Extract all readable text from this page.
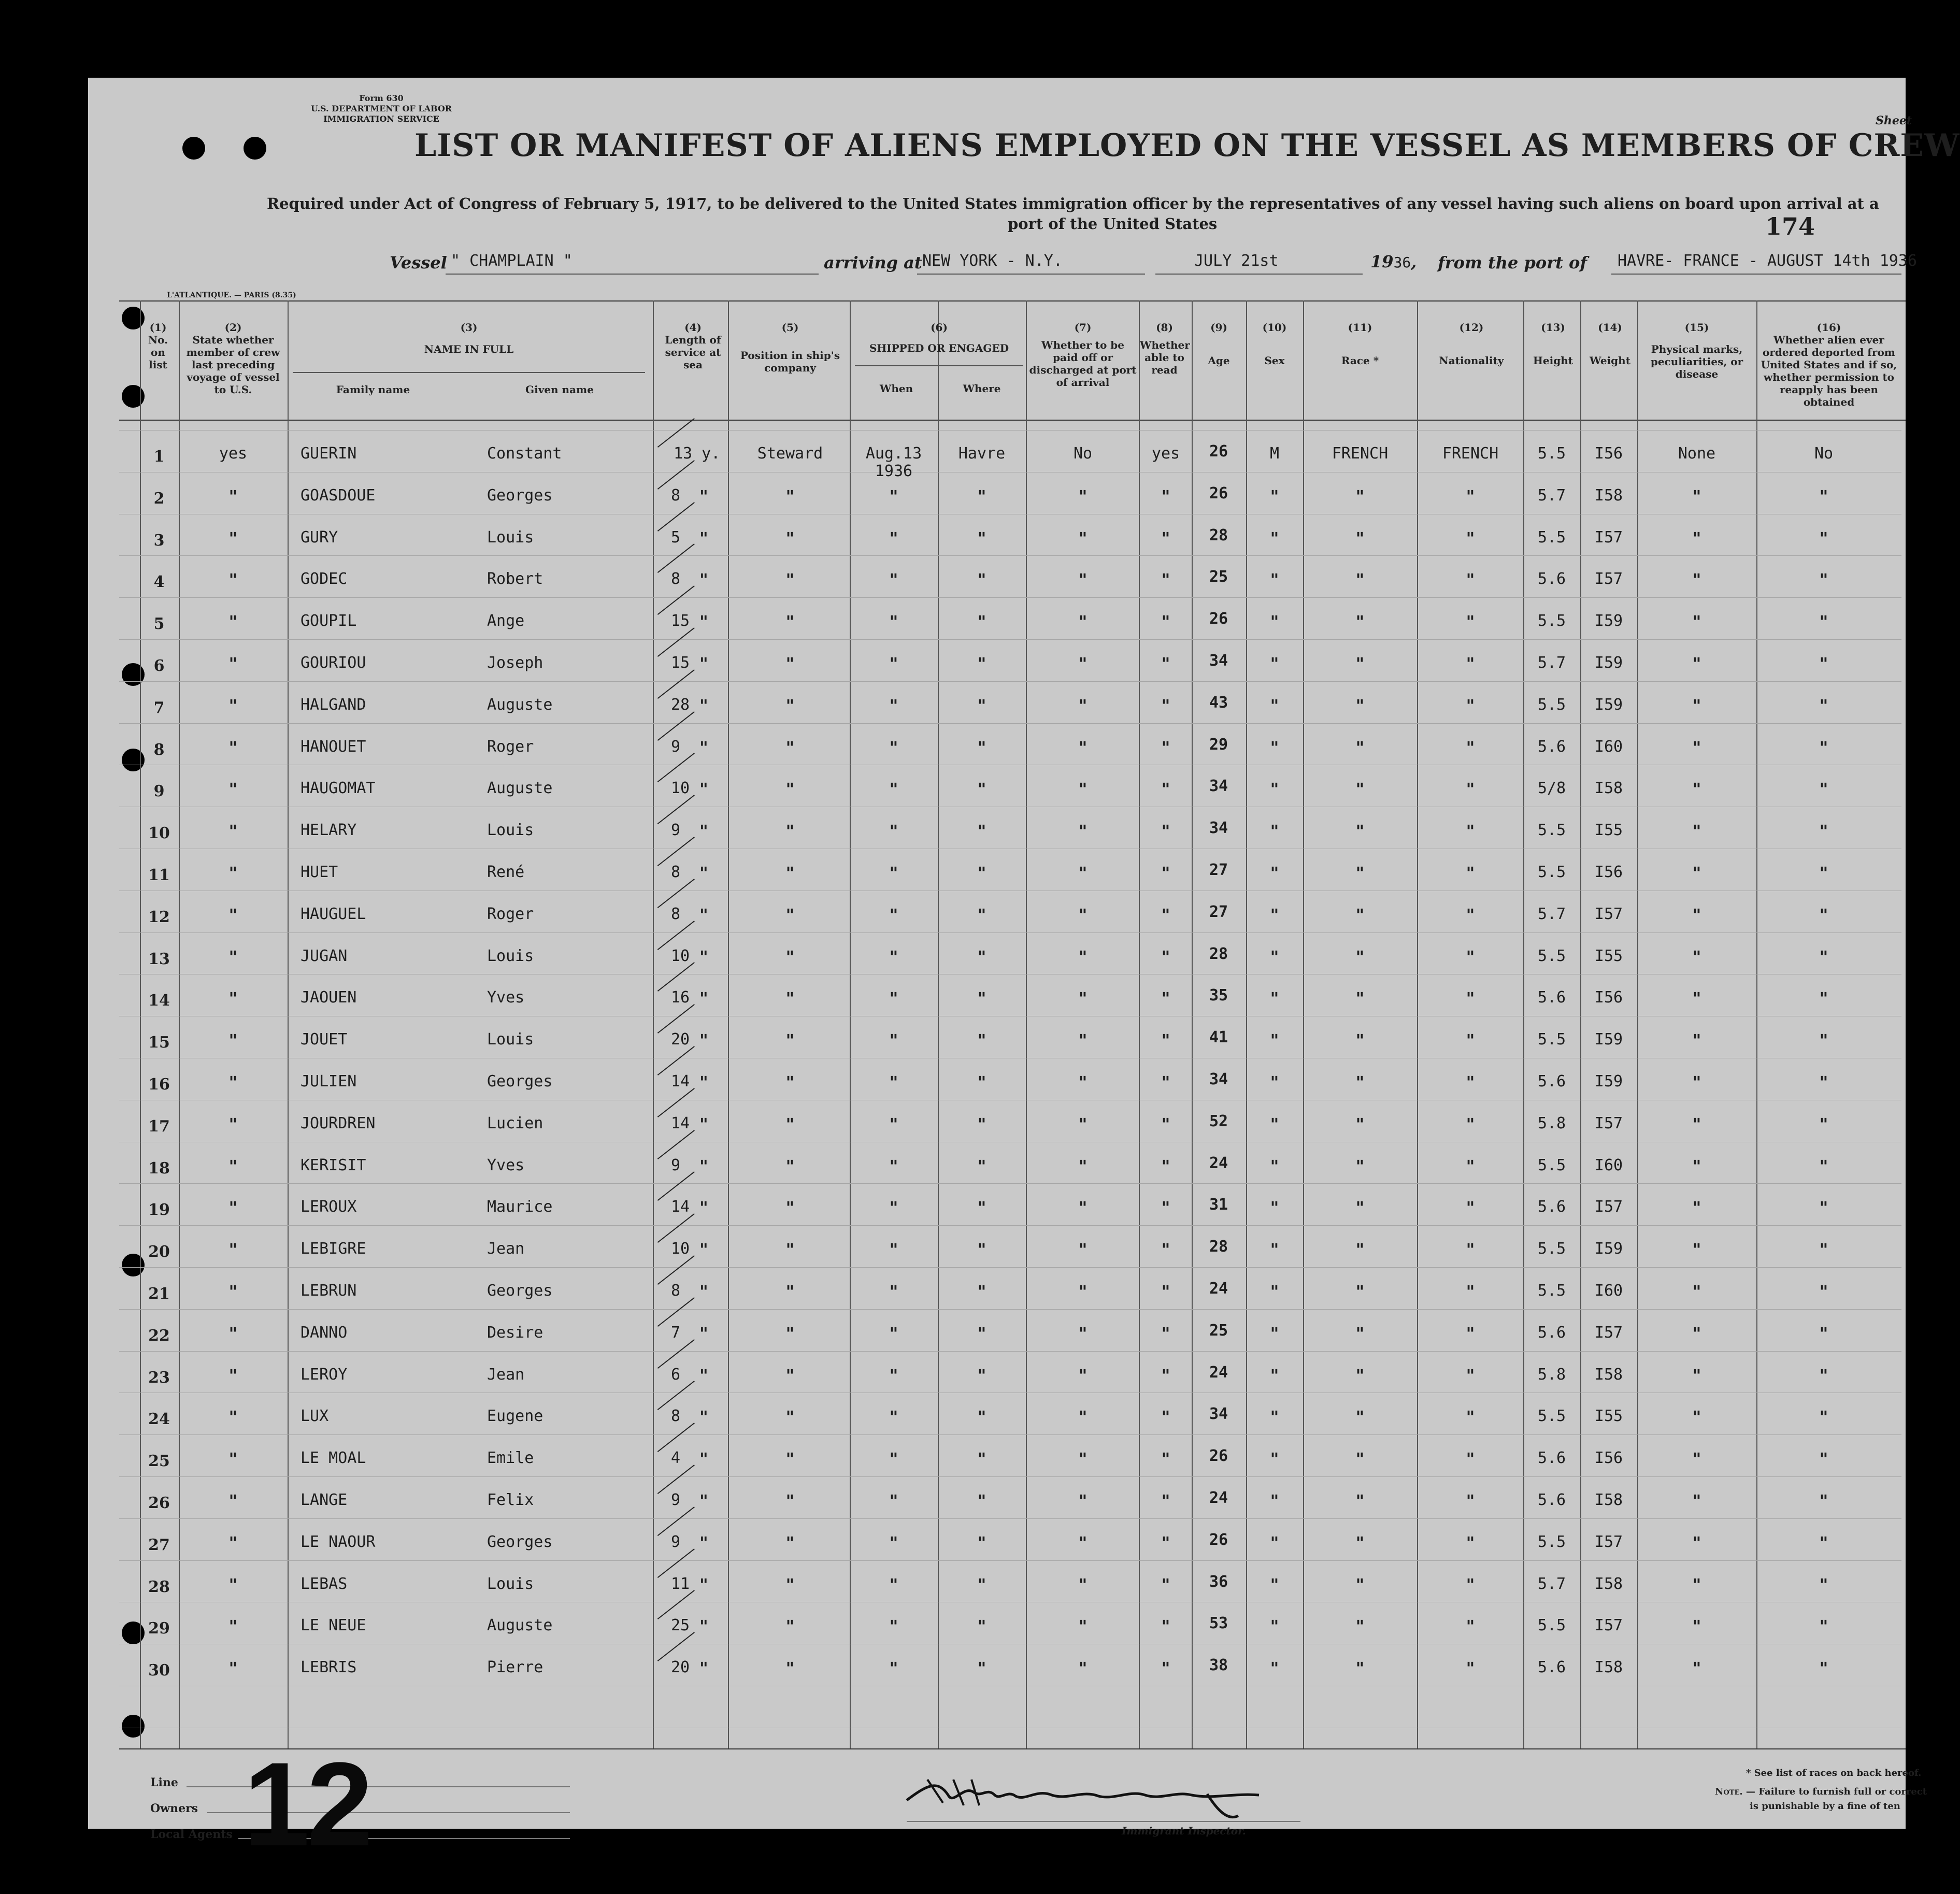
Form 630
U.S. DEPARTMENT OF LABOR
IMMIGRATION SERVICE	Sheet
LIST OR MANIFEST OF ALIENS EMPLOYED ON THE VESSEL AS MEMBERS OF CREW
Required under Act of Congress of February 5, 1917, to be delivered to the United States immigration officer by the representatives of any vessel having such aliens on board upon arrival at a
port of the United States	174
Vessel " CHAMPLAIN "	arriving at NEW YORK - N.Y.	JULY 21st	1936, from the port of HAVRE- FRANCE - AUGUST 14th 1936
L'ATLANTIQUE. — PARIS (8.35)
(1)
No. on list
(2)
State whether member of crew last preceding voyage of vessel to U.S.
(3)
NAME IN FULL
Family name	Given name
(4)
Length of service at sea
(5)
Position in ship's company
(6)
SHIPPED OR ENGAGED
When	Where
(7)
Whether to be paid off or discharged at port of arrival
(8)
Whether able to read
(9)
Age
(10)
Sex
(11)
Race *
(12)
Nationality
(13)
Height
(14)
Weight
(15)
Physical marks, peculiarities, or disease
(16)
Whether alien ever ordered deported from United States and if so, whether permission to reapply has been obtained
1	yes	GUERIN	Constant	13 y. Steward	Aug.13
1936
Havre	No	yes 26	M	FRENCH	FRENCH	5.5 I56	None	No
2	"	GOASDOUE	Georges	8 "	"	"	"	"	"	26	"	"	"	5.7 I58	"	"
3	"	GURY	Louis	5 "	"	"	"	"	"	28	"	"	"	5.5 I57	"	"
4	"	GODEC	Robert	8 "	"	"	"	"	"	25	"	"	"	5.6 I57	"	"
5	"	GOUPIL	Ange	15 "	"	"	"	"	"	26	"	"	"	5.5 I59	"	"
6	"	GOURIOU	Joseph	15 "	"	"	"	"	"	34	"	"	"	5.7 I59	"	"
7	"	HALGAND	Auguste	28 "	"	"	"	"	"	43	"	"	"	5.5 I59	"	"
8	"	HANOUET	Roger	9 "	"	"	"	"	"	29	"	"	"	5.6 I60	"	"
9	"	HAUGOMAT	Auguste	10 "	"	"	"	"	"	34	"	"	"	5/8 I58	"	"
10	"	HELARY	Louis	9 "	"	"	"	"	"	34	"	"	"	5.5 I55	"	"
11	"	HUET	René	8 "	"	"	"	"	"	27	"	"	"	5.5 I56	"	"
12	"	HAUGUEL	Roger	8 "	"	"	"	"	"	27	"	"	"	5.7 I57	"	"
13	"	JUGAN	Louis	10 "	"	"	"	"	"	28	"	"	"	5.5 I55	"	"
14	"	JAOUEN	Yves	16 "	"	"	"	"	"	35	"	"	"	5.6 I56	"	"
15	"	JOUET	Louis	20 "	"	"	"	"	"	41	"	"	"	5.5 I59	"	"
16	"	JULIEN	Georges	14 "	"	"	"	"	"	34	"	"	"	5.6 I59	"	"
17	"	JOURDREN	Lucien	14 "	"	"	"	"	"	52	"	"	"	5.8 I57	"	"
18	"	KERISIT	Yves	9 "	"	"	"	"	"	24	"	"	"	5.5 I60	"	"
19	"	LEROUX	Maurice	14 "	"	"	"	"	"	31	"	"	"	5.6 I57	"	"
20	"	LEBIGRE	Jean	10 "	"	"	"	"	"	28	"	"	"	5.5 I59	"	"
21	"	LEBRUN	Georges	8 "	"	"	"	"	"	24	"	"	"	5.5 I60	"	"
22	"	DANNO	Desire	7 "	"	"	"	"	"	25	"	"	"	5.6 I57	"	"
23	"	LEROY	Jean	6 "	"	"	"	"	"	24	"	"	"	5.8 I58	"	"
24	"	LUX	Eugene	8 "	"	"	"	"	"	34	"	"	"	5.5 I55	"	"
25	"	LE MOAL	Emile	4 "	"	"	"	"	"	26	"	"	"	5.6 I56	"	"
26	"	LANGE	Felix	9 "	"	"	"	"	"	24	"	"	"	5.6 I58	"	"
27	"	LE NAOUR	Georges	9 "	"	"	"	"	"	26	"	"	"	5.5 I57	"	"
28	"	LEBAS	Louis	11 "	"	"	"	"	"	36	"	"	"	5.7 I58	"	"
29	"	LE NEUE	Auguste	25 "	"	"	"	"	"	53	"	"	"	5.5 I57	"	"
30	"	LEBRIS	Pierre	20 "	"	"	"	"	"	38	"	"	"	5.6 I58	"	"
Line
Owners
Local Agents 12	Immigrant Inspector.
* See list of races on back hereof.
Note. — Failure to furnish full or correct
is punishable by a fine of ten
